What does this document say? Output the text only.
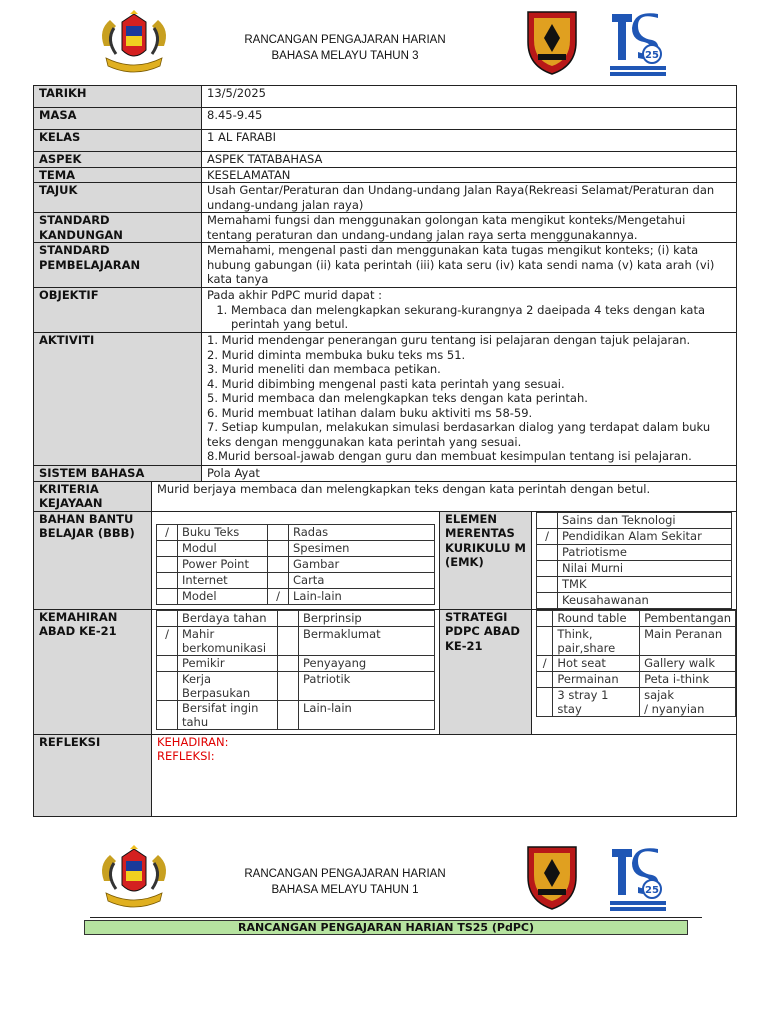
RANCANGAN PENGAJARAN HARIAN
BAHASA MELAYU TAHUN 3	25
TARIKH	13/5/2025
MASA	8.45-9.45
KELAS	1 AL FARABI
ASPEK	ASPEK TATABAHASA
TEMA	KESELAMATAN
TAJUK	Usah Gentar/Peraturan dan Undang-undang Jalan Raya(Rekreasi Selamat/Peraturan dan undang-undang jalan raya)
STANDARD KANDUNGAN	Memahami fungsi dan menggunakan golongan kata mengikut konteks/Mengetahui tentang peraturan dan undang-undang jalan raya serta menggunakannya.
STANDARD PEMBELAJARAN	Memahami, mengenal pasti dan menggunakan kata tugas mengikut konteks; (i) kata hubung gabungan (ii) kata perintah (iii) kata seru (iv) kata sendi nama (v) kata arah (vi) kata tanya
OBJEKTIF	Pada akhir PdPC murid dapat :
1. Membaca dan melengkapkan sekurang-kurangnya 2 daeipada 4 teks dengan kata perintah yang betul.

AKTIVITI	1. Murid mendengar penerangan guru tentang isi pelajaran dengan tajuk pelajaran.
2. Murid diminta membuka buku teks ms 51.
3. Murid meneliti dan membaca petikan.
4. Murid dibimbing mengenal pasti kata perintah yang sesuai.
5. Murid membaca dan melengkapkan teks dengan kata perintah.
6. Murid membuat latihan dalam buku aktiviti ms 58-59.
7. Setiap kumpulan, melakukan simulasi berdasarkan dialog yang terdapat dalam buku teks dengan menggunakan kata perintah yang sesuai.
8.Murid bersoal-jawab dengan guru dan membuat kesimpulan tentang isi pelajaran.

SISTEM BAHASA	Pola Ayat
KRITERIA KEJAYAAN	Murid berjaya membaca dan melengkapkan teks dengan kata perintah dengan betul.
BAHAN BANTU BELAJAR (BBB)		/	Buku Teks		Radas
	Modul		Spesimen
	Power Point		Gambar
	Internet		Carta
	Model	/	Lain-lain
	ELEMEN MERENTAS KURIKULU M (EMK)	
	Sains dan Teknologi
/	Pendidikan Alam Sekitar
	Patriotisme
	Nilai Murni
	TMK
	Keusahawanan

KEMAHIRAN ABAD KE-21	
	Berdaya tahan		Berprinsip
/	Mahir berkomunikasi		Bermaklumat
	Pemikir		Penyayang
	Kerja Berpasukan		Patriotik
	Bersifat ingin tahu		Lain-lain
	STRATEGI PDPC ABAD KE-21	
	Round table	Pembentangan
	Think, pair,share	Main Peranan
/	Hot seat	Gallery walk
	Permainan	Peta i-think
	3 stray 1 stay	sajak
/ nyanyian

REFLEKSI	KEHADIRAN:
REFLEKSI:
RANCANGAN PENGAJARAN HARIAN
BAHASA MELAYU TAHUN 1	25
RANCANGAN PENGAJARAN HARIAN TS25 (PdPC)
